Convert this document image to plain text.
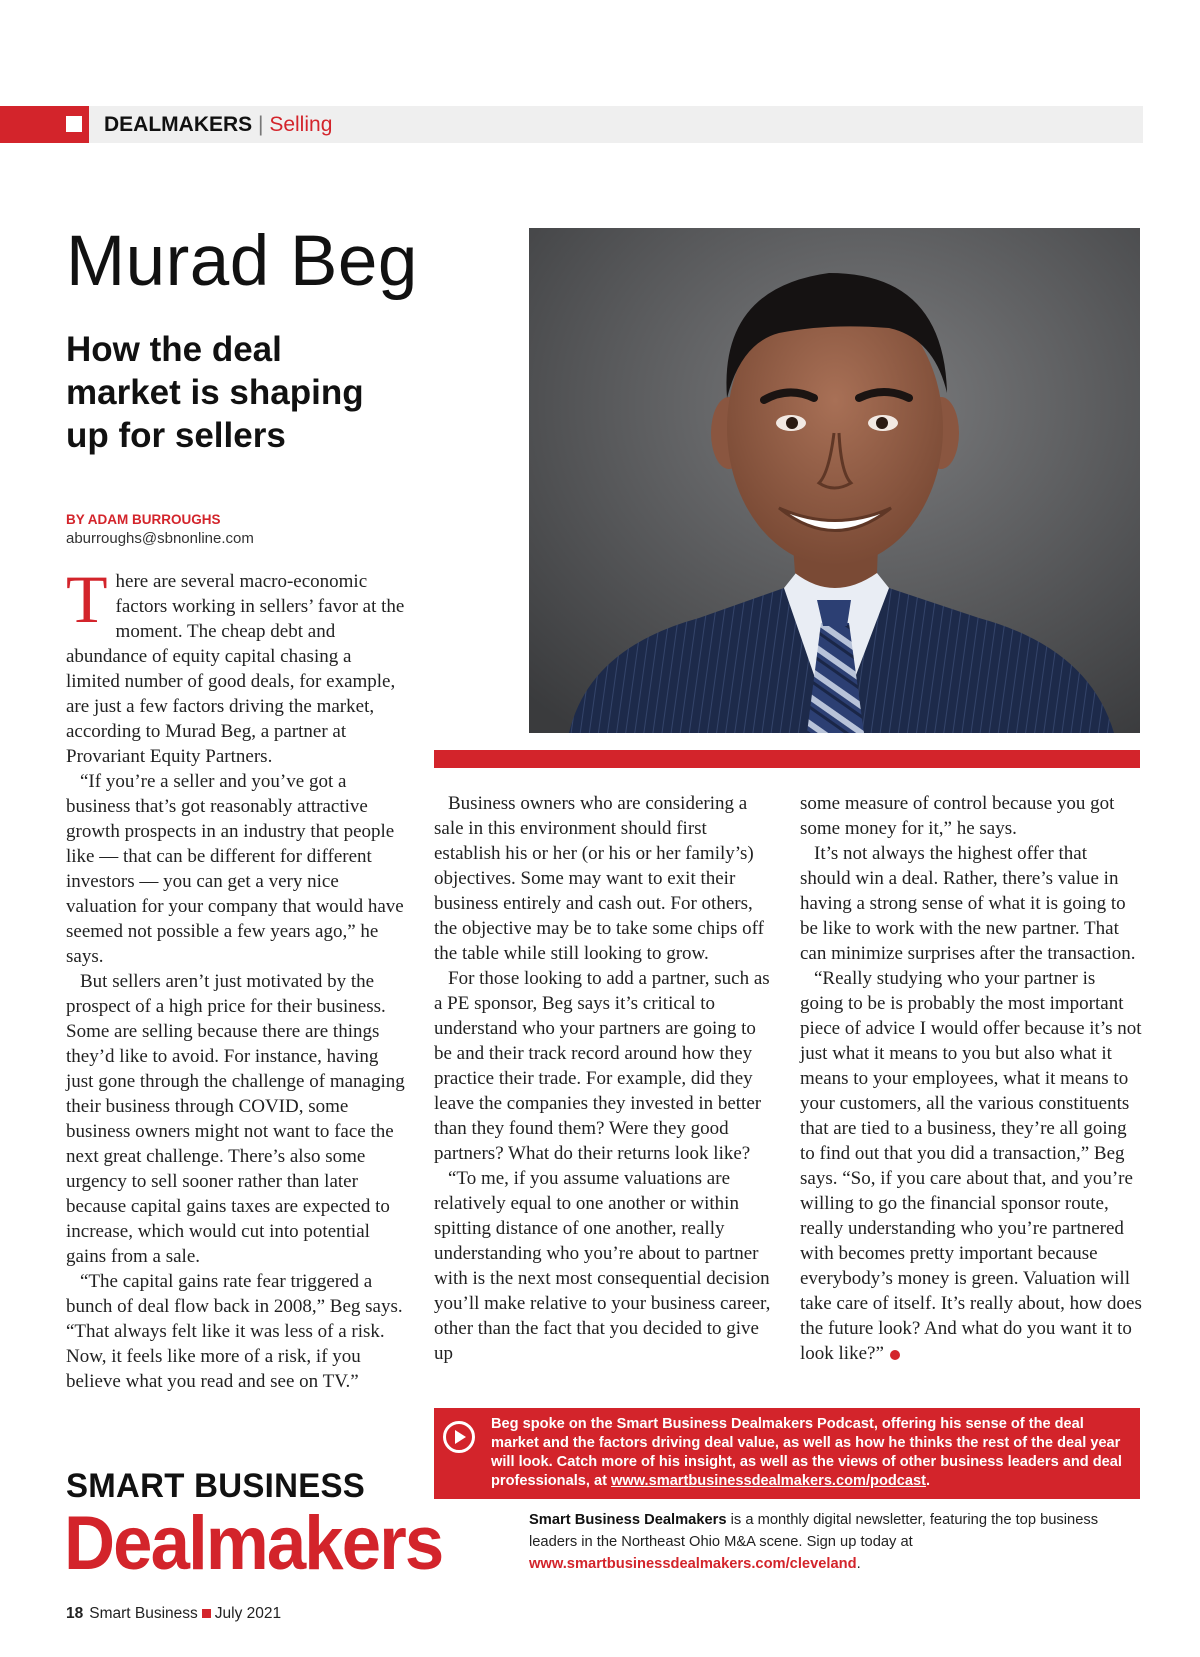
DEALMAKERS | Selling
Murad Beg
How the deal market is shaping up for sellers
BY ADAM BURROUGHS
aburroughs@sbnonline.com

There are several macro-economic factors working in sellers’ favor at the moment. The cheap debt and abundance of equity capital chasing a limited number of good deals, for example, are just a few factors driving the market, according to Murad Beg, a partner at Provariant Equity Partners.

“If you’re a seller and you’ve got a business that’s got reasonably attractive growth prospects in an industry that people like — that can be different for different investors — you can get a very nice valuation for your company that would have seemed not possible a few years ago,” he says.

But sellers aren’t just motivated by the prospect of a high price for their business. Some are selling because there are things they’d like to avoid. For instance, having just gone through the challenge of managing their business through COVID, some business owners might not want to face the next great challenge. There’s also some urgency to sell sooner rather than later because capital gains taxes are expected to increase, which would cut into potential gains from a sale.

“The capital gains rate fear triggered a bunch of deal flow back in 2008,” Beg says. “That always felt like it was less of a risk. Now, it feels like more of a risk, if you believe what you read and see on TV.”

Business owners who are considering a sale in this environment should first establish his or her (or his or her family’s) objectives. Some may want to exit their business entirely and cash out. For others, the objective may be to take some chips off the table while still looking to grow.

For those looking to add a partner, such as a PE sponsor, Beg says it’s critical to understand who your partners are going to be and their track record around how they practice their trade. For example, did they leave the companies they invested in better than they found them? Were they good partners? What do their returns look like?

“To me, if you assume valuations are relatively equal to one another or within spitting distance of one another, really understanding who you’re about to partner with is the next most consequential decision you’ll make relative to your business career, other than the fact that you decided to give up

some measure of control because you got some money for it,” he says.

It’s not always the highest offer that should win a deal. Rather, there’s value in having a strong sense of what it is going to be like to work with the new partner. That can minimize surprises after the transaction.

“Really studying who your partner is going to be is probably the most important piece of advice I would offer because it’s not just what it means to you but also what it means to your employees, what it means to your customers, all the various constituents that are tied to a business, they’re all going to find out that you did a transaction,” Beg says. “So, if you care about that, and you’re willing to go the financial sponsor route, really understanding who you’re partnered with becomes pretty important because everybody’s money is green. Valuation will take care of itself. It’s really about, how does the future look? And what do you want it to look like?”

Beg spoke on the Smart Business Dealmakers Podcast, offering his sense of the deal market and the factors driving deal value, as well as how he thinks the rest of the deal year will look. Catch more of his insight, as well as the views of other business leaders and deal professionals, at www.smartbusinessdealmakers.com/podcast.
SMART BUSINESS
Dealmakers	Smart Business Dealmakers is a monthly digital newsletter, featuring the top business leaders in the Northeast Ohio M&A scene. Sign up today at www.smartbusinessdealmakers.com/cleveland.
18 Smart Business July 2021
